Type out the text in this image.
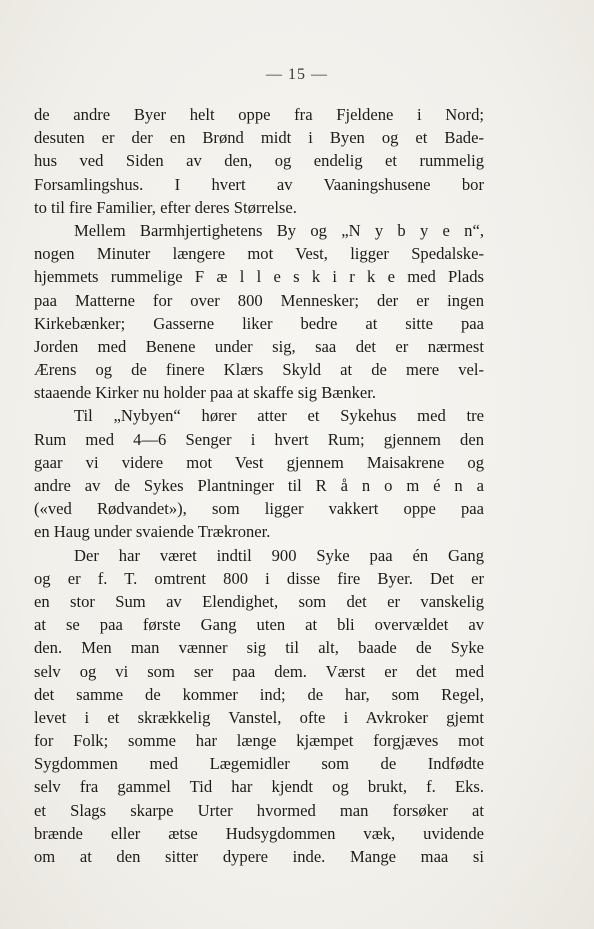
— 15 —
de andre Byer helt oppe fra Fjeldene i Nord;
desuten er der en Brønd midt i Byen og et Bade-
hus ved Siden av den, og endelig et rummelig
Forsamlingshus. I hvert av Vaaningshusene bor
to til fire Familier, efter deres Størrelse.
Mellem Barmhjertighetens By og „N y b y e n“,
nogen Minuter længere mot Vest, ligger Spedalske-
hjemmets rummelige F æ l l e s k i r k e med Plads
paa Matterne for over 800 Mennesker; der er ingen
Kirkebænker; Gasserne liker bedre at sitte paa
Jorden med Benene under sig, saa det er nærmest
Ærens og de finere Klærs Skyld at de mere vel-
staaende Kirker nu holder paa at skaffe sig Bænker.
Til „Nybyen“ hører atter et Sykehus med tre
Rum med 4—6 Senger i hvert Rum; gjennem den
gaar vi videre mot Vest gjennem Maisakrene og
andre av de Sykes Plantninger til R å n o m é n a
(«ved Rødvandet»), som ligger vakkert oppe paa
en Haug under svaiende Trækroner.
Der har været indtil 900 Syke paa én Gang
og er f. T. omtrent 800 i disse fire Byer. Det er
en stor Sum av Elendighet, som det er vanskelig
at se paa første Gang uten at bli overvældet av
den. Men man vænner sig til alt, baade de Syke
selv og vi som ser paa dem. Værst er det med
det samme de kommer ind; de har, som Regel,
levet i et skrækkelig Vanstel, ofte i Avkroker gjemt
for Folk; somme har længe kjæmpet forgjæves mot
Sygdommen med Lægemidler som de Indfødte
selv fra gammel Tid har kjendt og brukt, f. Eks.
et Slags skarpe Urter hvormed man forsøker at
brænde eller ætse Hudsygdommen væk, uvidende
om at den sitter dypere inde. Mange maa si
